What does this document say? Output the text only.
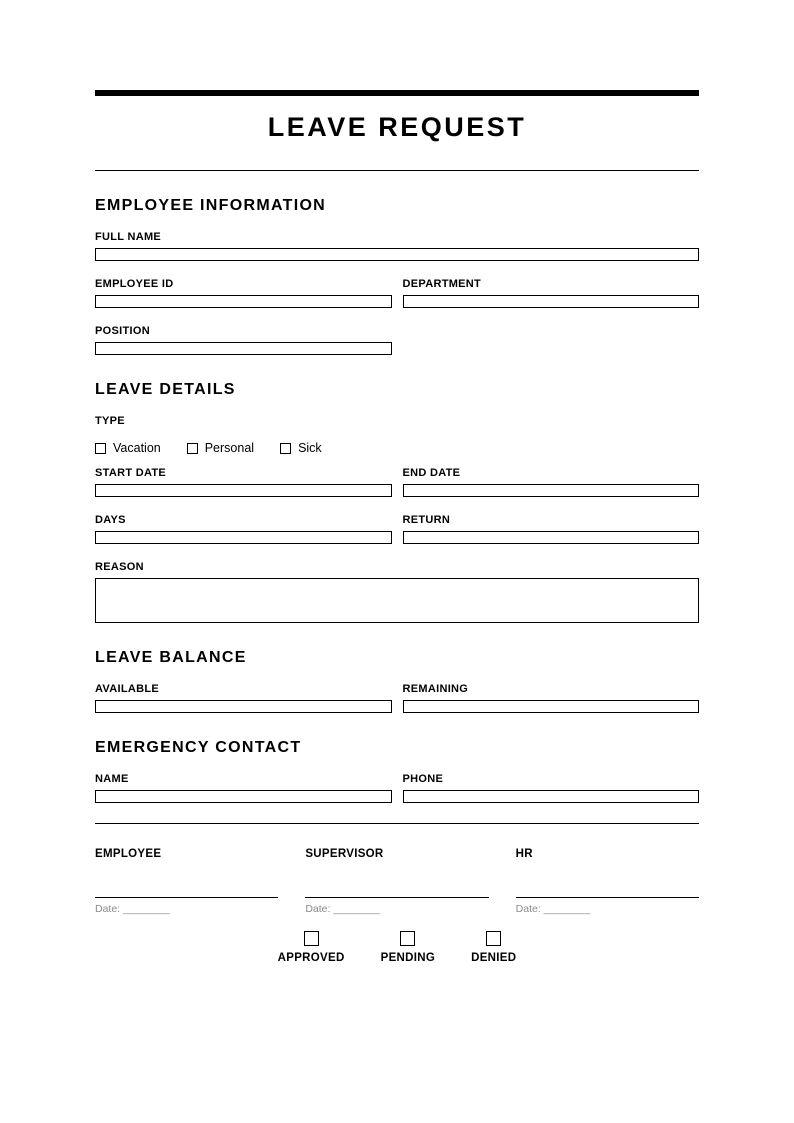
LEAVE REQUEST
EMPLOYEE INFORMATION
FULL NAME
EMPLOYEE ID	DEPARTMENT
POSITION
LEAVE DETAILS
TYPE
Vacation	Personal	Sick
START DATE	END DATE
DAYS	RETURN
REASON
LEAVE BALANCE
AVAILABLE	REMAINING
EMERGENCY CONTACT
NAME	PHONE
EMPLOYEE
Date: ________
SUPERVISOR
Date: ________
HR
Date: ________
APPROVED	PENDING	DENIED
